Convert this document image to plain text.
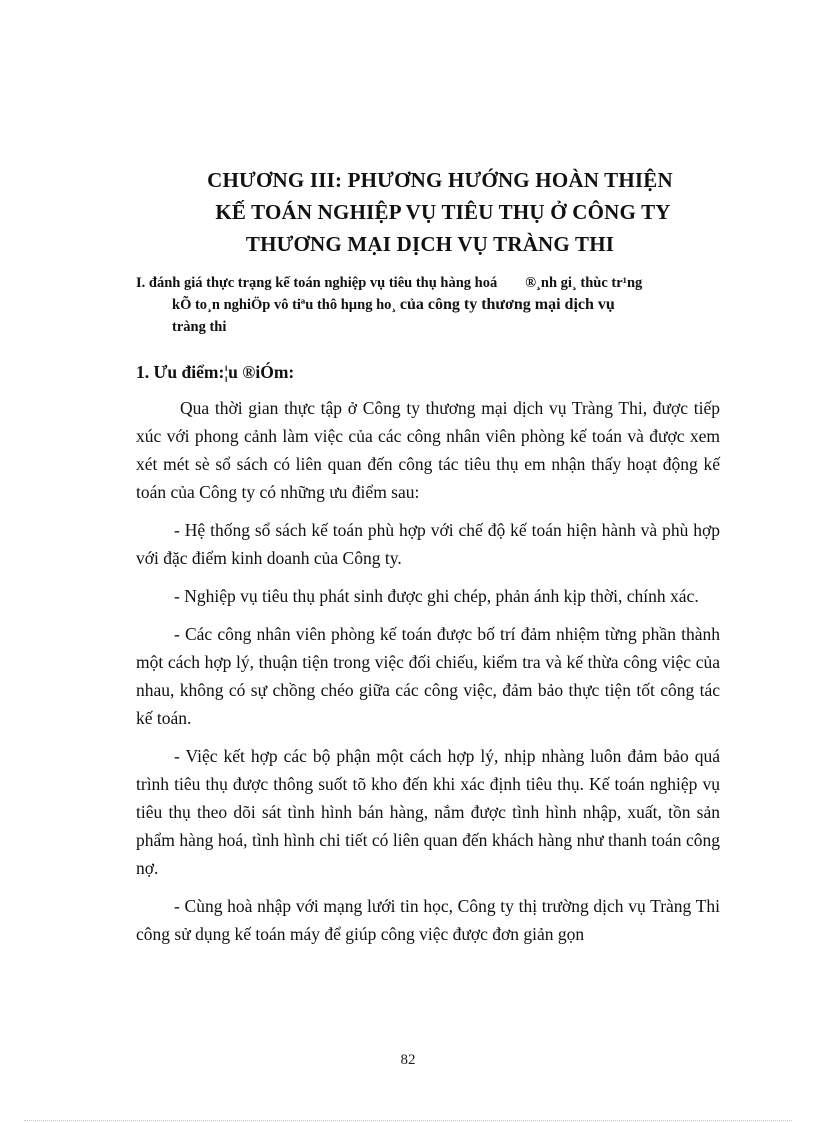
CHƯƠNG III: PHƯƠNG HƯỚNG HOÀN THIỆN
KẾ TOÁN NGHIỆP VỤ TIÊU THỤ Ở CÔNG TY
THƯƠNG MẠI DỊCH VỤ TRÀNG THI
I. đánh giá thực trạng kế toán nghiệp vụ tiêu thụ hàng hoá ®¸nh gi¸ thùc tr¹ng
kÕ to¸n nghiÖp vô tiªu thô hµng ho¸ của công ty thương mại dịch vụ
tràng thi
1. Ưu điểm:¦u ®iÓm:

Qua thời gian thực tập ở Công ty thương mại dịch vụ Tràng Thi, được tiếp xúc với phong cảnh làm việc của các công nhân viên phòng kế toán và được xem xét mét sè sổ sách có liên quan đến công tác tiêu thụ em nhận thấy hoạt động kế toán của Công ty có những ưu điểm sau:

- Hệ thống sổ sách kế toán phù hợp với chế độ kế toán hiện hành và phù hợp với đặc điểm kinh doanh của Công ty.

- Nghiệp vụ tiêu thụ phát sinh được ghi chép, phản ánh kịp thời, chính xác.

- Các công nhân viên phòng kế toán được bố trí đảm nhiệm từng phần thành một cách hợp lý, thuận tiện trong việc đối chiếu, kiểm tra và kế thừa công việc của nhau, không có sự chồng chéo giữa các công việc, đảm bảo thực tiện tốt công tác kế toán.

- Việc kết hợp các bộ phận một cách hợp lý, nhịp nhàng luôn đảm bảo quá trình tiêu thụ được thông suốt tõ kho đến khi xác định tiêu thụ. Kế toán nghiệp vụ tiêu thụ theo dõi sát tình hình bán hàng, nắm được tình hình nhập, xuất, tồn sản phẩm hàng hoá, tình hình chi tiết có liên quan đến khách hàng như thanh toán công nợ.

- Cùng hoà nhập với mạng lưới tin học, Công ty thị trường dịch vụ Tràng Thi công sử dụng kế toán máy để giúp công việc được đơn giản gọn

82
